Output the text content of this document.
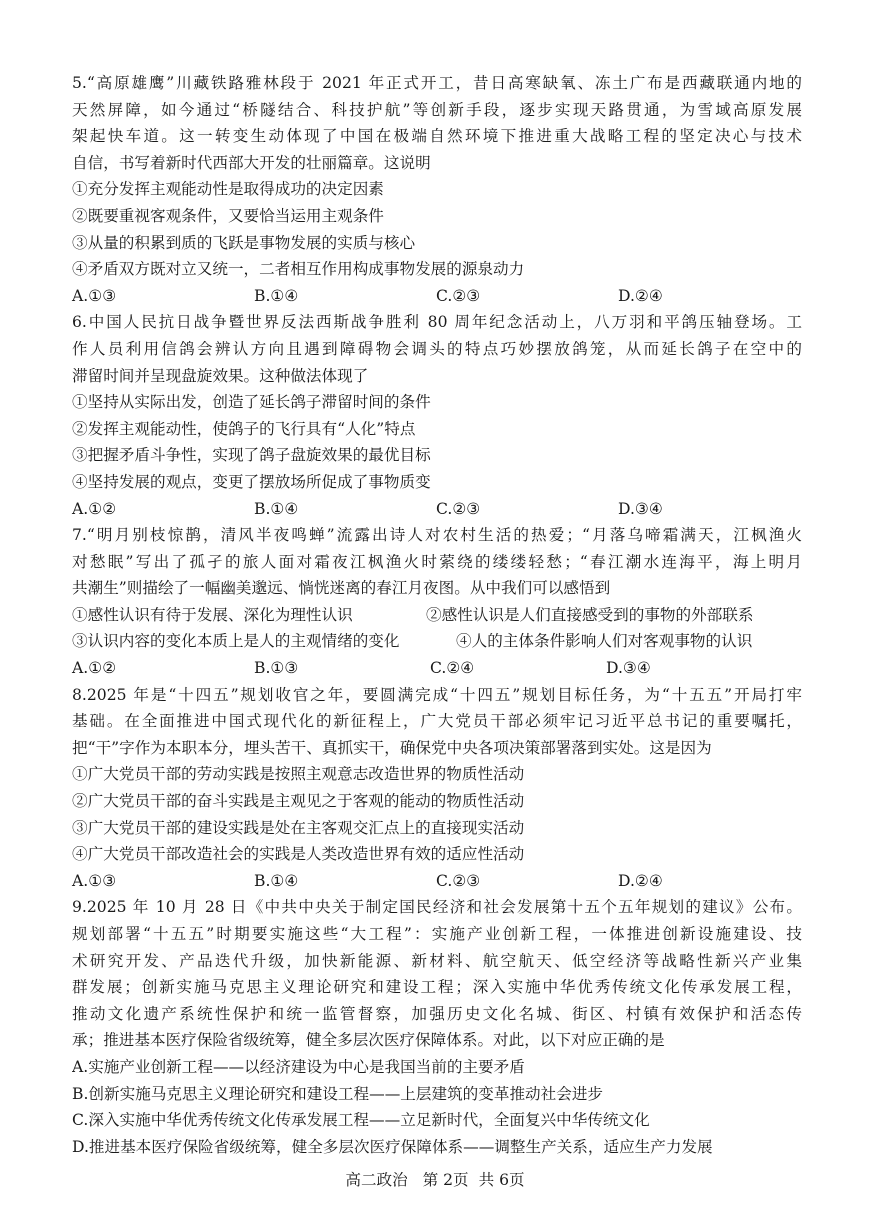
5.“高原雄鹰”川藏铁路雅林段于 2021 年正式开工，昔日高寒缺氧、冻土广布是西藏联通内地的
天然屏障，如今通过“桥隧结合、科技护航”等创新手段，逐步实现天路贯通，为雪域高原发展
架起快车道。这一转变生动体现了中国在极端自然环境下推进重大战略工程的坚定决心与技术
自信，书写着新时代西部大开发的壮丽篇章。这说明
①充分发挥主观能动性是取得成功的决定因素
②既要重视客观条件，又要恰当运用主观条件
③从量的积累到质的飞跃是事物发展的实质与核心
④矛盾双方既对立又统一，二者相互作用构成事物发展的源泉动力
A.①③	B.①④	C.②③	D.②④
6.中国人民抗日战争暨世界反法西斯战争胜利 80 周年纪念活动上，八万羽和平鸽压轴登场。工
作人员利用信鸽会辨认方向且遇到障碍物会调头的特点巧妙摆放鸽笼，从而延长鸽子在空中的
滞留时间并呈现盘旋效果。这种做法体现了
①坚持从实际出发，创造了延长鸽子滞留时间的条件
②发挥主观能动性，使鸽子的飞行具有“人化”特点
③把握矛盾斗争性，实现了鸽子盘旋效果的最优目标
④坚持发展的观点，变更了摆放场所促成了事物质变
A.①②	B.①④	C.②③	D.③④
7.“明月别枝惊鹊，清风半夜鸣蝉”流露出诗人对农村生活的热爱；“月落乌啼霜满天，江枫渔火
对愁眠”写出了孤孑的旅人面对霜夜江枫渔火时萦绕的缕缕轻愁；“春江潮水连海平，海上明月
共潮生”则描绘了一幅幽美邈远、惝恍迷离的春江月夜图。从中我们可以感悟到
①感性认识有待于发展、深化为理性认识	②感性认识是人们直接感受到的事物的外部联系
③认识内容的变化本质上是人的主观情绪的变化	④人的主体条件影响人们对客观事物的认识
A.①②	B.①③	C.②④	D.③④
8.2025 年是“十四五”规划收官之年，要圆满完成“十四五”规划目标任务，为“十五五”开局打牢
基础。在全面推进中国式现代化的新征程上，广大党员干部必须牢记习近平总书记的重要嘱托，
把“干”字作为本职本分，埋头苦干、真抓实干，确保党中央各项决策部署落到实处。这是因为
①广大党员干部的劳动实践是按照主观意志改造世界的物质性活动
②广大党员干部的奋斗实践是主观见之于客观的能动的物质性活动
③广大党员干部的建设实践是处在主客观交汇点上的直接现实活动
④广大党员干部改造社会的实践是人类改造世界有效的适应性活动
A.①③	B.①④	C.②③	D.②④
9.2025 年 10 月 28 日《中共中央关于制定国民经济和社会发展第十五个五年规划的建议》公布。
规划部署“十五五”时期要实施这些“大工程”：实施产业创新工程，一体推进创新设施建设、技
术研究开发、产品迭代升级，加快新能源、新材料、航空航天、低空经济等战略性新兴产业集
群发展；创新实施马克思主义理论研究和建设工程；深入实施中华优秀传统文化传承发展工程，
推动文化遗产系统性保护和统一监管督察，加强历史文化名城、街区、村镇有效保护和活态传
承；推进基本医疗保险省级统筹，健全多层次医疗保障体系。对此，以下对应正确的是
A.实施产业创新工程——以经济建设为中心是我国当前的主要矛盾
B.创新实施马克思主义理论研究和建设工程——上层建筑的变革推动社会进步
C.深入实施中华优秀传统文化传承发展工程——立足新时代，全面复兴中华传统文化
D.推进基本医疗保险省级统筹，健全多层次医疗保障体系——调整生产关系，适应生产力发展
高二政治   第 2页  共 6页
